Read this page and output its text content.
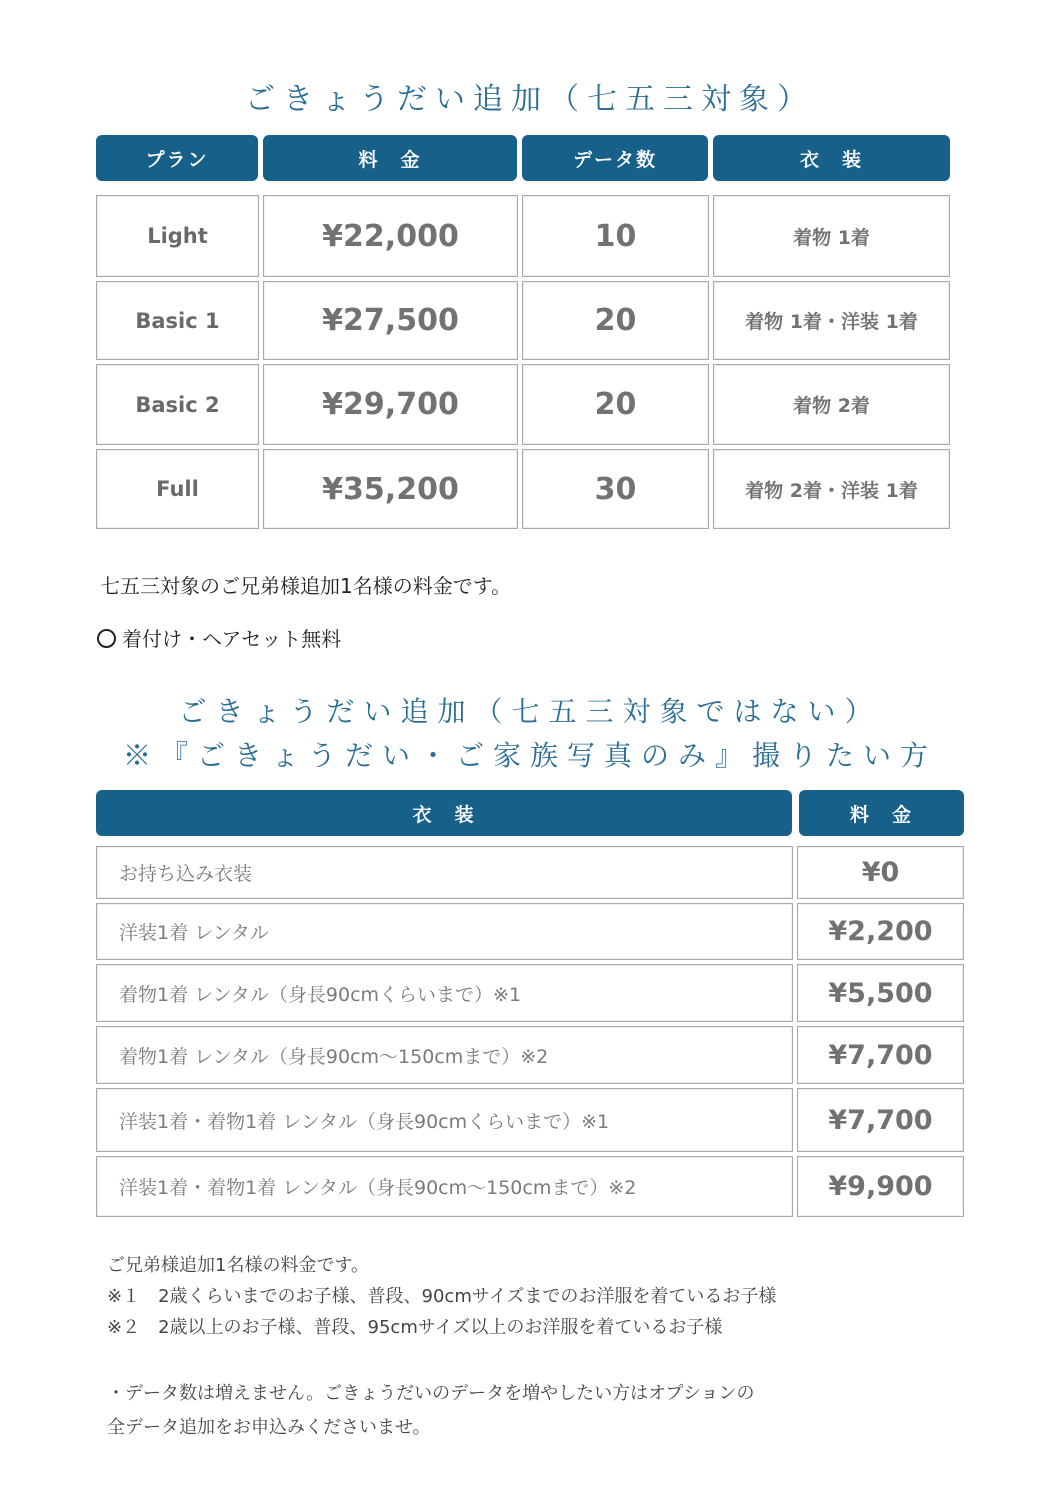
ごきょうだい追加（七五三対象）
プラン	料　金	データ数	衣　装
Light	¥22,000	10	着物 1着
Basic 1	¥27,500	20	着物 1着・洋装 1着
Basic 2	¥29,700	20	着物 2着
Full	¥35,200	30	着物 2着・洋装 1着
七五三対象のご兄弟様追加1名様の料金です。
着付け・ヘアセット無料
ごきょうだい追加（七五三対象ではない）
※『ごきょうだい・ご家族写真のみ』撮りたい方
衣　装	料　金
お持ち込み衣装	¥0
洋装1着 レンタル	¥2,200
着物1着 レンタル（身長90cmくらいまで）※1	¥5,500
着物1着 レンタル（身長90cm～150cmまで）※2	¥7,700
洋装1着・着物1着 レンタル（身長90cmくらいまで）※1	¥7,700
洋装1着・着物1着 レンタル（身長90cm～150cmまで）※2	¥9,900
ご兄弟様追加1名様の料金です。
※１　2歳くらいまでのお子様、普段、90cmサイズまでのお洋服を着ているお子様
※２　2歳以上のお子様、普段、95cmサイズ以上のお洋服を着ているお子様
・データ数は増えません。ごきょうだいのデータを増やしたい方はオプションの
全データ追加をお申込みくださいませ。
